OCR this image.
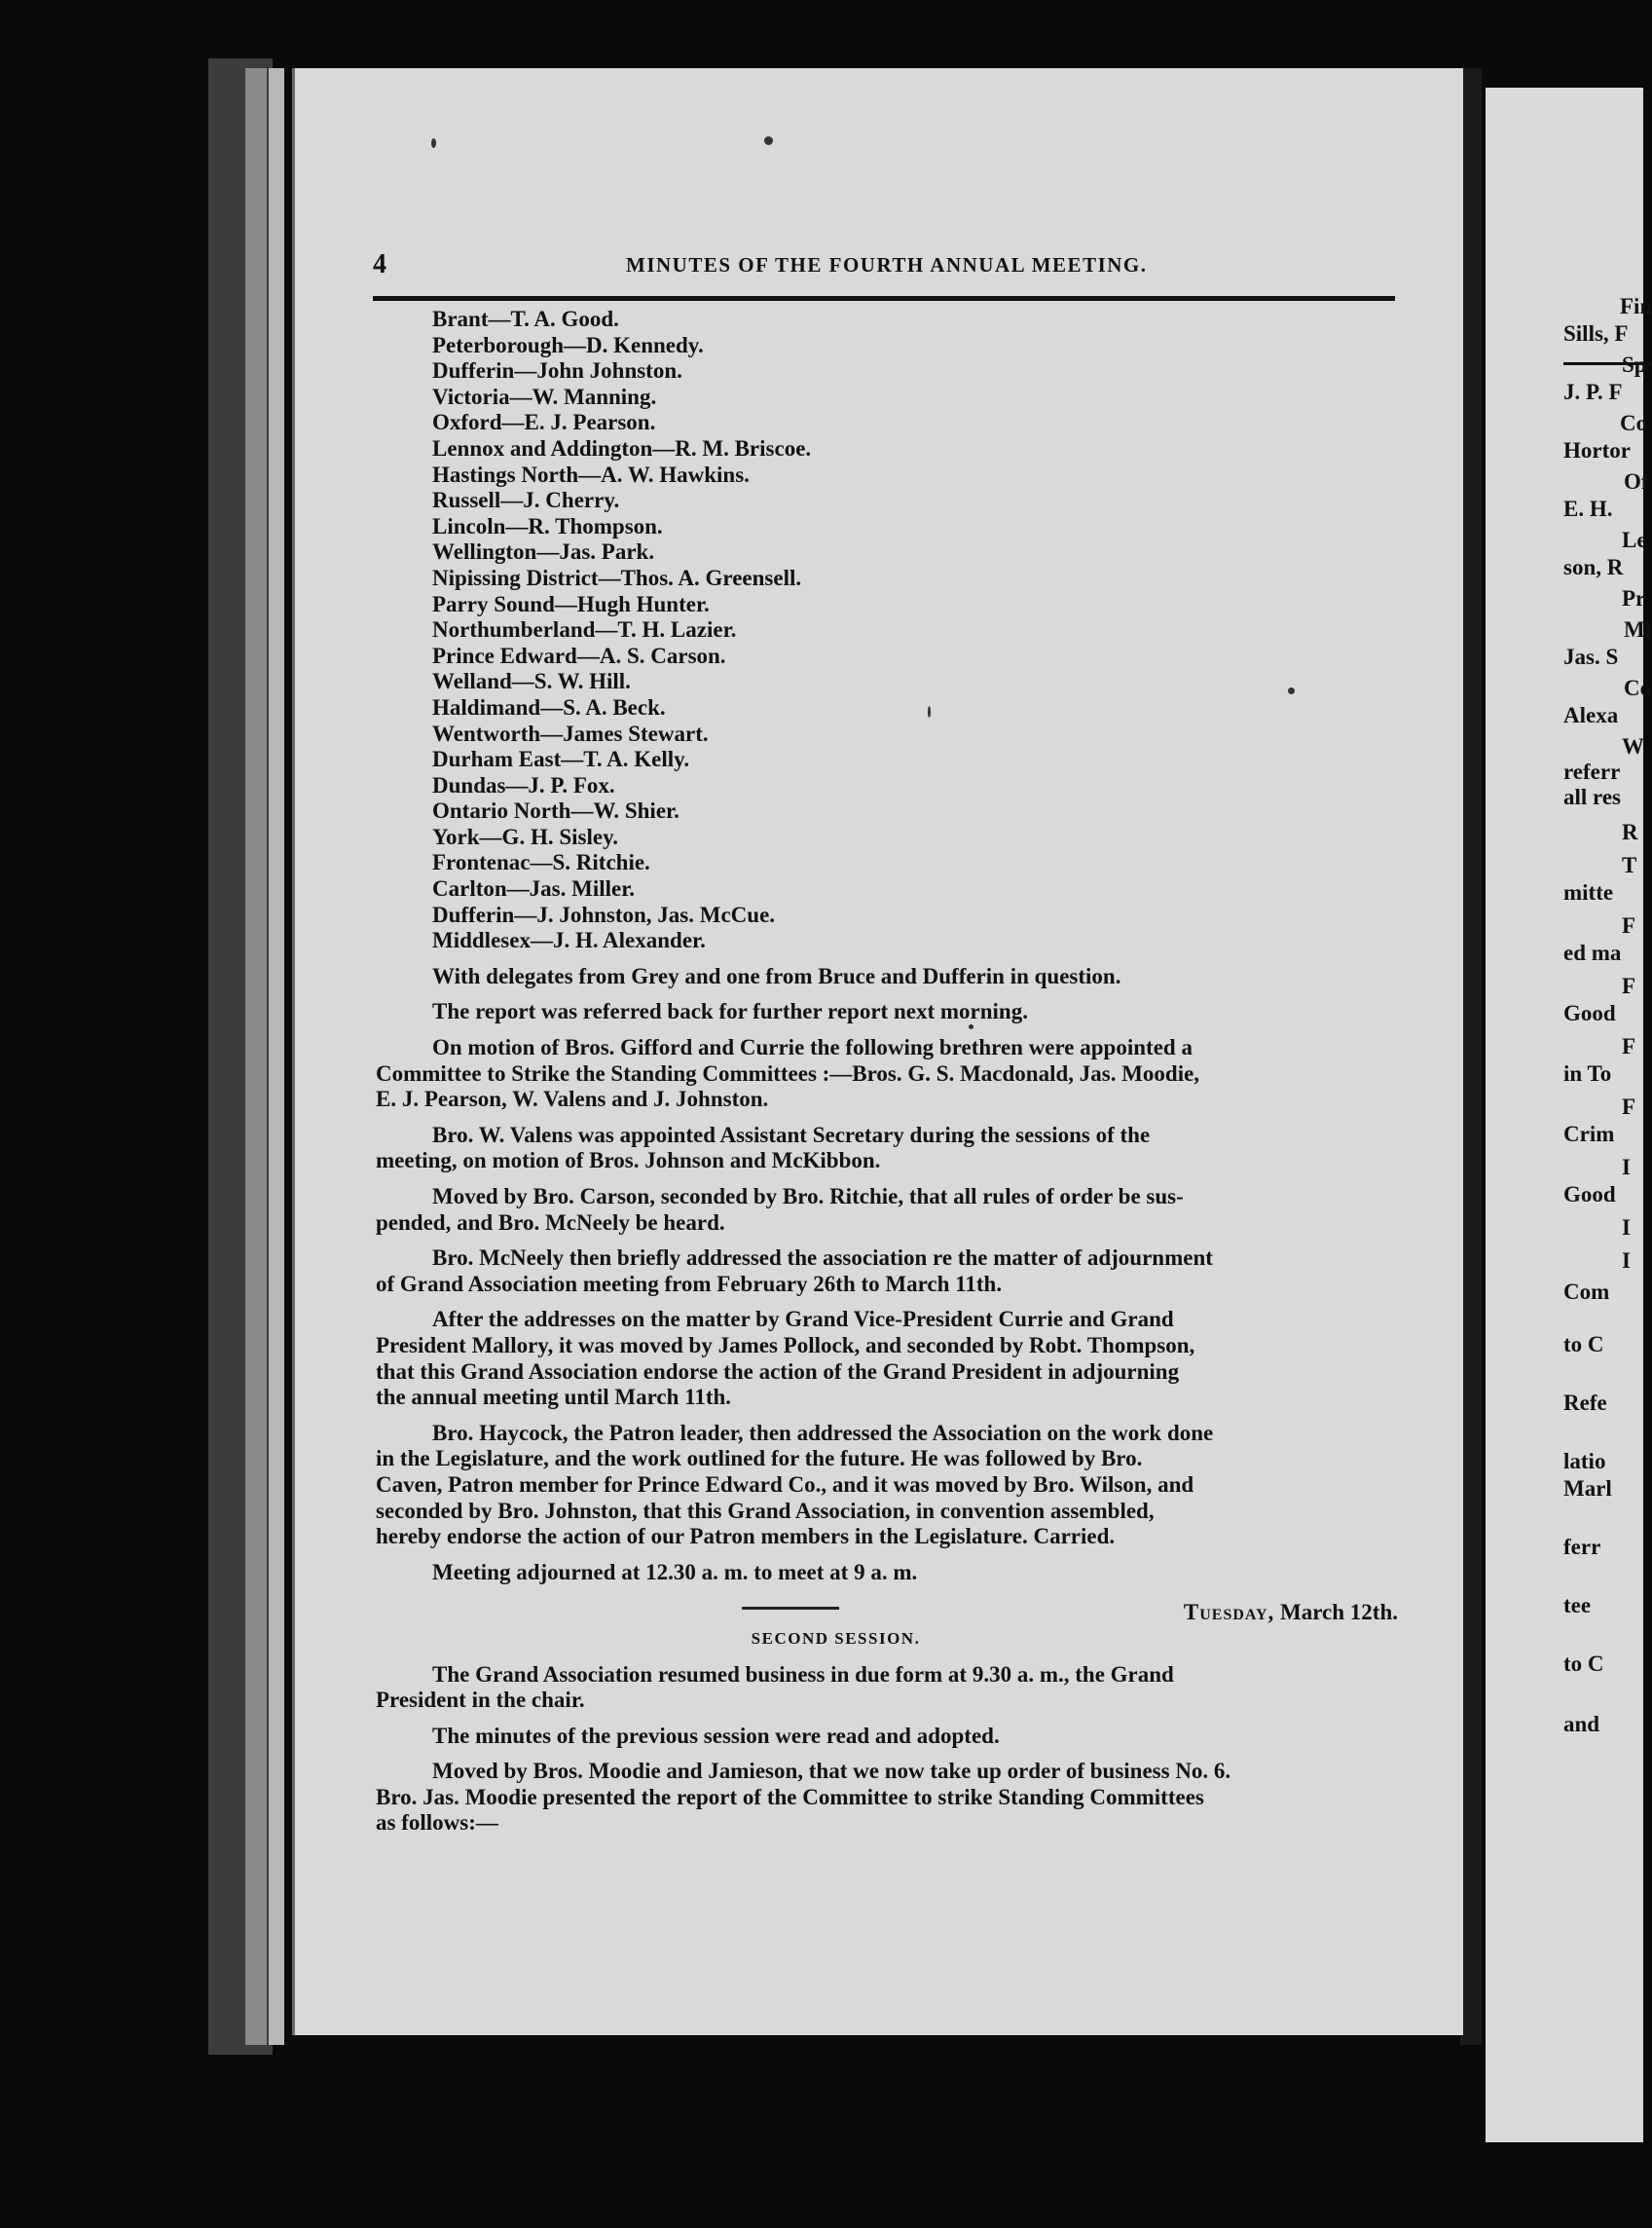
4	MINUTES OF THE FOURTH ANNUAL MEETING.
Brant—T. A. Good.
Peterborough—D. Kennedy.
Dufferin—John Johnston.
Victoria—W. Manning.
Oxford—E. J. Pearson.
Lennox and Addington—R. M. Briscoe.
Hastings North—A. W. Hawkins.
Russell—J. Cherry.
Lincoln—R. Thompson.
Wellington—Jas. Park.
Nipissing District—Thos. A. Greensell.
Parry Sound—Hugh Hunter.
Northumberland—T. H. Lazier.
Prince Edward—A. S. Carson.
Welland—S. W. Hill.
Haldimand—S. A. Beck.
Wentworth—James Stewart.
Durham East—T. A. Kelly.
Dundas—J. P. Fox.
Ontario North—W. Shier.
York—G. H. Sisley.
Frontenac—S. Ritchie.
Carlton—Jas. Miller.
Dufferin—J. Johnston, Jas. McCue.
Middlesex—J. H. Alexander.
With delegates from Grey and one from Bruce and Dufferin in question.
The report was referred back for further report next morning.
On motion of Bros. Gifford and Currie the following brethren were appointed a
Committee to Strike the Standing Committees :—Bros. G. S. Macdonald, Jas. Moodie,
E. J. Pearson, W. Valens and J. Johnston.
Bro. W. Valens was appointed Assistant Secretary during the sessions of the
meeting, on motion of Bros. Johnson and McKibbon.
Moved by Bro. Carson, seconded by Bro. Ritchie, that all rules of order be sus-
pended, and Bro. McNeely be heard.
Bro. McNeely then briefly addressed the association re the matter of adjournment
of Grand Association meeting from February 26th to March 11th.
After the addresses on the matter by Grand Vice-President Currie and Grand
President Mallory, it was moved by James Pollock, and seconded by Robt. Thompson,
that this Grand Association endorse the action of the Grand President in adjourning
the annual meeting until March 11th.
Bro. Haycock, the Patron leader, then addressed the Association on the work done
in the Legislature, and the work outlined for the future. He was followed by Bro.
Caven, Patron member for Prince Edward Co., and it was moved by Bro. Wilson, and
seconded by Bro. Johnston, that this Grand Association, in convention assembled,
hereby endorse the action of our Patron members in the Legislature. Carried.
Meeting adjourned at 12.30 a. m. to meet at 9 a. m.
Tuesday, March 12th.
SECOND SESSION.
The Grand Association resumed business in due form at 9.30 a. m., the Grand
President in the chair.
The minutes of the previous session were read and adopted.
Moved by Bros. Moodie and Jamieson, that we now take up order of business No. 6.
Bro. Jas. Moodie presented the report of the Committee to strike Standing Committees
as follows:—
Fin
Sills, F
Sp
J. P. F
Co
Hortor
Of
E. H.
Le
son, R
Pr
Mi
Jas. S
Co
Alexa
W
referr
all res
R
T
mitte
F
ed ma
F
Good
F
in To
F
Crim
I
Good
I
I
Com
to C
Refe
latio
Marl
ferr
tee
to C
and
